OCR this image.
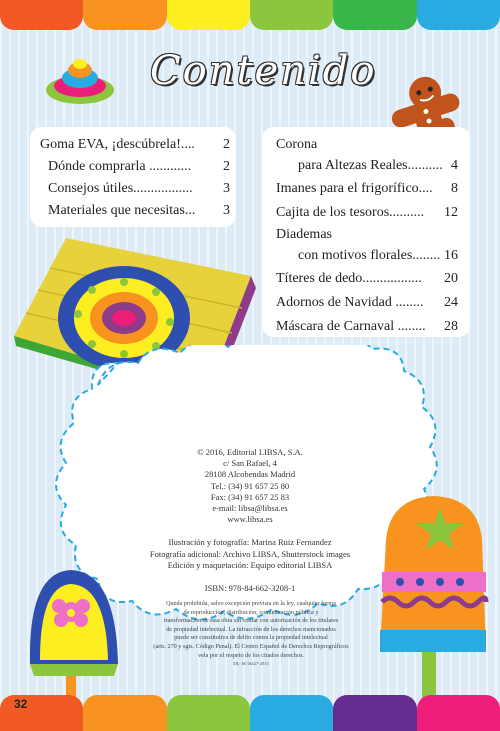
Contenido
Goma EVA, ¡descúbrela!.... 2
Dónde comprarla ............ 2
Consejos útiles................. 3
Materiales que necesitas... 3
Corona
para Altezas Reales.......... 4
Imanes para el frigorífico.... 8
Cajita de los tesoros.......... 12
Diademas
con motivos florales........ 16
Títeres de dedo................. 20
Adornos de Navidad ........ 24
Máscara de Carnaval ........ 28

© 2016, Editorial LIBSA, S.A.

c/ San Rafael, 4

28108 Alcobendas Madrid

Tel.: (34) 91 657 25 80

Fax: (34) 91 657 25 83

e-mail: libsa@libsa.es

www.libsa.es

Ilustración y fotografía: Marina Ruiz Fernandez

Fotografía adicional: Archivo LIBSA, Shutterstock images

Edición y maquetación: Equipo editorial LIBSA

ISBN: 978-84-662-3208-1

Queda prohibida, salvo excepción prevista en la ley, cualquier forma
de reproducción, distribución, comunicación pública y
transformación de esta obra sin contar con autorización de los titulares
de propiedad intelectual. La infracción de los derechos mencionados
puede ser constitutiva de delito contra la propiedad intelectual
(arts. 270 y sgts. Código Penal). El Centro Español de Derechos Reprográficos
vela por el respeto de los citados derechos.
DL: M 16427-2015
32
